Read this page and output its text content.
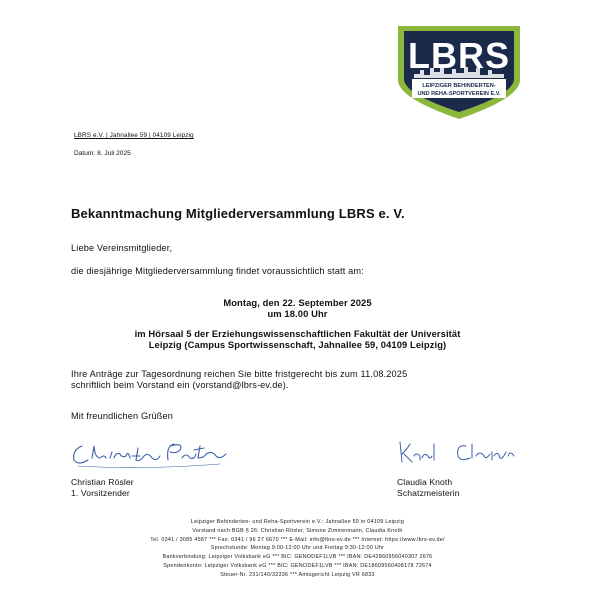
LBRS
LEIPZIGER BEHINDERTEN-
UND REHA-SPORTVEREIN E.V.
LBRS e.V. | Jahnallee 59 | 04109 Leipzig
Datum: 8. Juli 2025
Bekanntmachung Mitgliederversammlung LBRS e. V.
Liebe Vereinsmitglieder,
die diesjährige Mitgliederversammlung findet voraussichtlich statt am:
Montag, den 22. September 2025
um 18.00 Uhr
im Hörsaal 5 der Erziehungswissenschaftlichen Fakultät der Universität
Leipzig (Campus Sportwissenschaft, Jahnallee 59, 04109 Leipzig)
Ihre Anträge zur Tagesordnung reichen Sie bitte fristgerecht bis zum 11.08.2025
schriftlich beim Vorstand ein (vorstand@lbrs-ev.de).
Mit freundlichen Grüßen
Christian Rösler
1. Vorsitzender
Claudia Knoth
Schatzmeisterin
Leipziger Behinderten- und Reha-Sportverein e.V.: Jahnallee 59 in 04109 Leipzig
Vorstand nach BGB § 26: Christian Rösler, Simone Zimmermann, Claudia Knoth
Tel. 0341 / 3085 4587 *** Fax: 0341 / 96 27 6670 *** E-Mail: info@lbrs-ev.de *** Internet: https://www.lbrs-ev.de/
Sprechstunde: Montag 9:00-12:00 Uhr und Freitag 9:30-12:00 Uhr
Bankverbindung: Leipziger Volksbank eG *** BIC: GENODEF1LVB *** IBAN: DE42860956040307 2676
Spendenkonto: Leipziger Volksbank eG *** BIC: GENODEF1LVB *** IBAN: DE18609560408178 72674
Steuer-Nr. 231/140/32336 *** Amtsgericht Leipzig VR 6833
